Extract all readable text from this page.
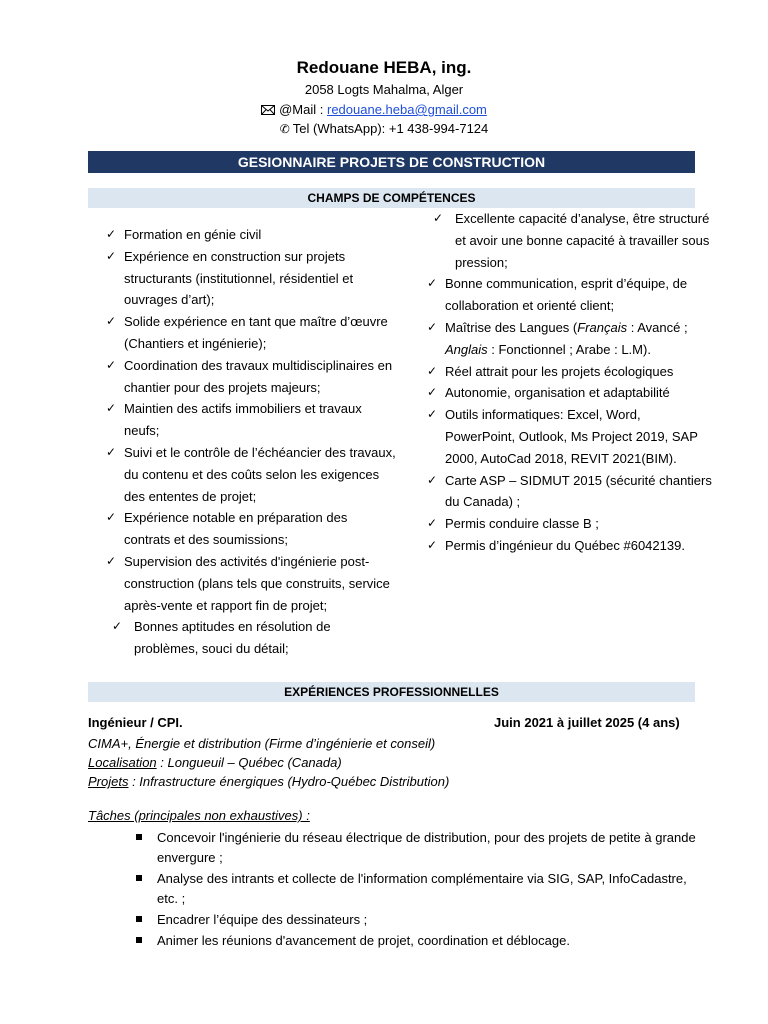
Redouane HEBA, ing.
2058 Logts Mahalma, Alger
@Mail : redouane.heba@gmail.com
✆ Tel (WhatsApp): +1 438-994-7124
GESIONNAIRE PROJETS DE CONSTRUCTION
CHAMPS DE COMPÉTENCES
✓ Formation en génie civil
✓ Expérience en construction sur projets structurants (institutionnel, résidentiel et ouvrages d’art);
✓ Solide expérience en tant que maître d’œuvre (Chantiers et ingénierie);
✓ Coordination des travaux multidisciplinaires en chantier pour des projets majeurs;
✓ Maintien des actifs immobiliers et travaux neufs;
✓ Suivi et le contrôle de l’échéancier des travaux, du contenu et des coûts selon les exigences des ententes de projet;
✓ Expérience notable en préparation des contrats et des soumissions;
✓ Supervision des activités d'ingénierie post-construction (plans tels que construits, service après-vente et rapport fin de projet;
✓ Bonnes aptitudes en résolution de problèmes, souci du détail;
✓ Excellente capacité d’analyse, être structuré et avoir une bonne capacité à travailler sous pression;
✓ Bonne communication, esprit d’équipe, de collaboration et orienté client;
✓ Maîtrise des Langues (Français : Avancé ; Anglais : Fonctionnel ; Arabe : L.M).
✓ Réel attrait pour les projets écologiques
✓ Autonomie, organisation et adaptabilité
✓ Outils informatiques: Excel, Word, PowerPoint, Outlook, Ms Project 2019, SAP 2000, AutoCad 2018, REVIT 2021(BIM).
✓ Carte ASP – SIDMUT 2015 (sécurité chantiers du Canada) ;
✓ Permis conduire classe B ;
✓ Permis d’ingénieur du Québec #6042139.
EXPÉRIENCES PROFESSIONNELLES
Ingénieur / CPI.	Juin 2021 à juillet 2025 (4 ans)
CIMA+, Énergie et distribution (Firme d’ingénierie et conseil)
Localisation : Longueuil – Québec (Canada)
Projets : Infrastructure énergiques (Hydro-Québec Distribution)
Tâches (principales non exhaustives) :
Concevoir l'ingénierie du réseau électrique de distribution, pour des projets de petite à grande envergure ;
Analyse des intrants et collecte de l'information complémentaire via SIG, SAP, InfoCadastre, etc. ;
Encadrer l’équipe des dessinateurs ;
Animer les réunions d'avancement de projet, coordination et déblocage.
